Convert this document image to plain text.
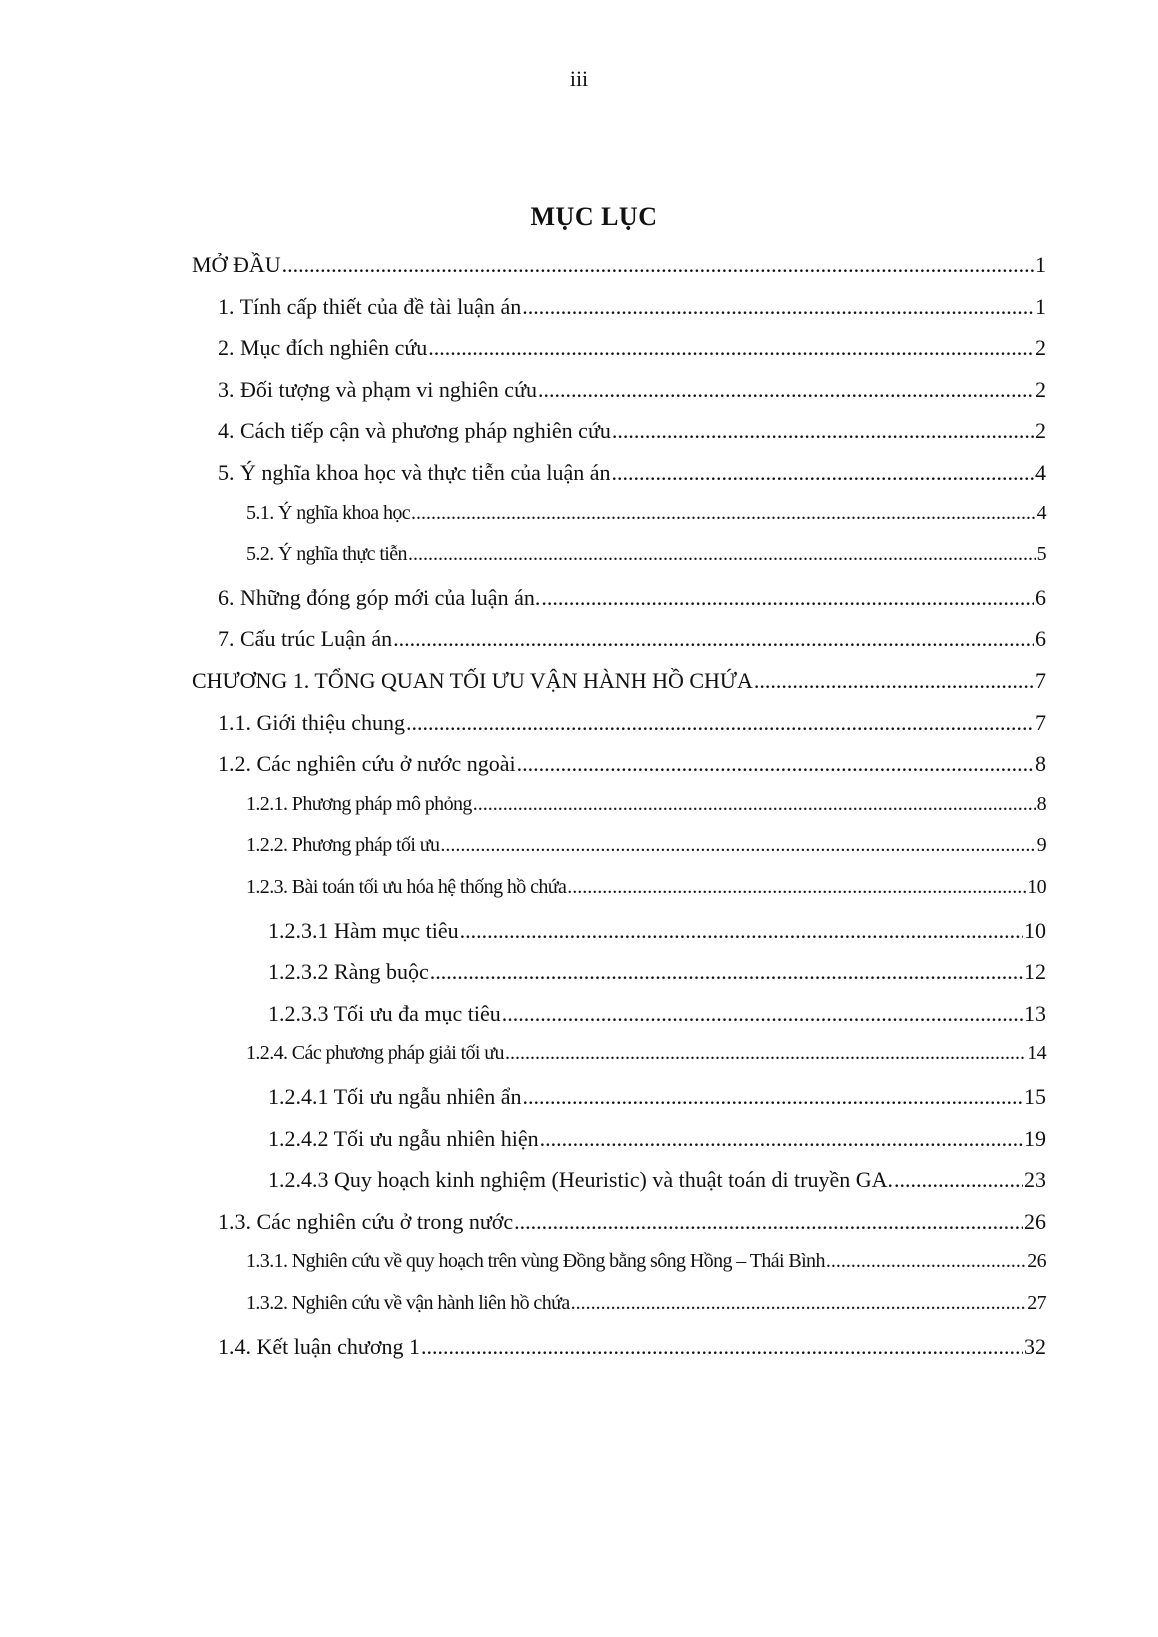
iii
MỤC LỤC
MỞ ĐẦU .....	1
1. Tính cấp thiết của đề tài luận án .....	1
2. Mục đích nghiên cứu .....	2
3. Đối tượng và phạm vi nghiên cứu .....	2
4. Cách tiếp cận và phương pháp nghiên cứu .....	2
5. Ý nghĩa khoa học và thực tiễn của luận án .....	4
5.1. Ý nghĩa khoa học .....	4
5.2. Ý nghĩa thực tiễn .....	5
6. Những đóng góp mới của luận án. .....	6
7. Cấu trúc Luận án .....	6
CHƯƠNG 1. TỔNG QUAN TỐI ƯU VẬN HÀNH HỒ CHỨA .....	7
1.1. Giới thiệu chung .....	7
1.2. Các nghiên cứu ở nước ngoài .....	8
1.2.1. Phương pháp mô phỏng .....	8
1.2.2. Phương pháp tối ưu .....	9
1.2.3. Bài toán tối ưu hóa hệ thống hồ chứa .....	10
1.2.3.1 Hàm mục tiêu .....	10
1.2.3.2 Ràng buộc .....	12
1.2.3.3 Tối ưu đa mục tiêu .....	13
1.2.4. Các phương pháp giải tối ưu .....	14
1.2.4.1 Tối ưu ngẫu nhiên ẩn .....	15
1.2.4.2 Tối ưu ngẫu nhiên hiện .....	19
1.2.4.3 Quy hoạch kinh nghiệm (Heuristic) và thuật toán di truyền GA. .....	23
1.3. Các nghiên cứu ở trong nước .....	26
1.3.1. Nghiên cứu về quy hoạch trên vùng Đồng bằng sông Hồng – Thái Bình .....	26
1.3.2. Nghiên cứu về vận hành liên hồ chứa .....	27
1.4. Kết luận chương 1 .....	32
